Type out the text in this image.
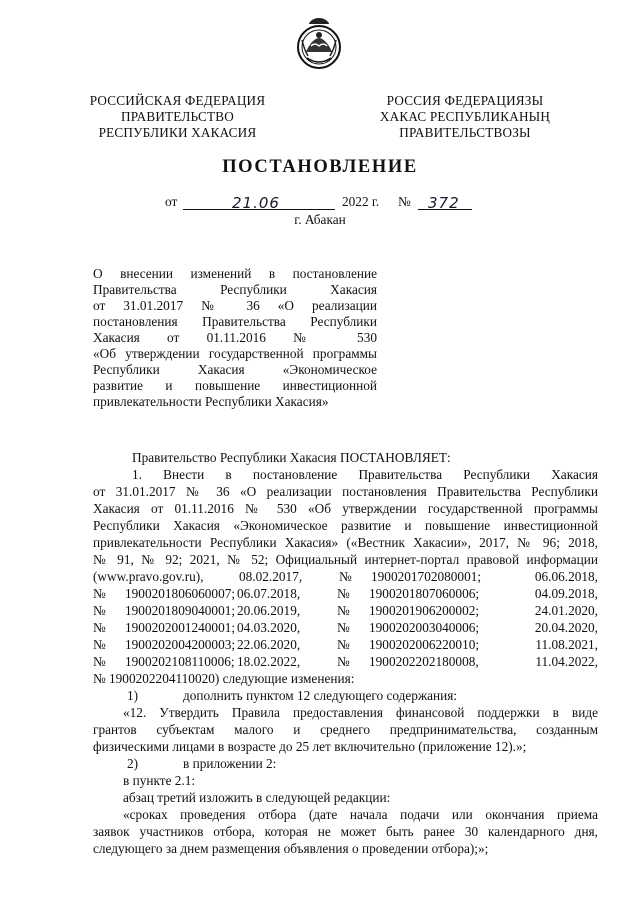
РОССИЙСКАЯ ФЕДЕРАЦИЯ
ПРАВИТЕЛЬСТВО
РЕСПУБЛИКИ ХАКАСИЯ
РОССИЯ ФЕДЕРАЦИЯЗЫ
ХАКАС РЕСПУБЛИКАНЫҢ
ПРАВИТЕЛЬСТВОЗЫ
ПОСТАНОВЛЕНИЕ
от	21.06	2022 г. № 372
г. Абакан
О внесении изменений в постановление
Правительства Республики Хакасия
от 31.01.2017 № 36 «О реализации
постановления Правительства Республики
Хакасия от 01.11.2016 № 530
«Об утверждении государственной программы
Республики Хакасия «Экономическое
развитие и повышение инвестиционной
привлекательности Республики Хакасия»
Правительство Республики Хакасия ПОСТАНОВЛЯЕТ:
1. Внести в постановление Правительства Республики Хакасия
от 31.01.2017 № 36 «О реализации постановления Правительства Республики
Хакасия от 01.11.2016 № 530 «Об утверждении государственной программы
Республики Хакасия «Экономическое развитие и повышение инвестиционной
привлекательности Республики Хакасия» («Вестник Хакасии», 2017, № 96; 2018,
№ 91, № 92; 2021, № 52; Официальный интернет-портал правовой информации
(www.pravo.gov.ru),	08.02.2017,	№	1900201702080001;	06.06.2018,
№	1900201806060007; 06.07.2018,	№	1900201807060006;	04.09.2018,
№	1900201809040001; 20.06.2019,	№	1900201906200002;	24.01.2020,
№	1900202001240001; 04.03.2020,	№	1900202003040006;	20.04.2020,
№	1900202004200003; 22.06.2020,	№	1900202006220010;	11.08.2021,
№	1900202108110006; 18.02.2022,	№	1900202202180008,	11.04.2022,
№ 1900202204110020) следующие изменения:
1)	дополнить пунктом 12 следующего содержания:
«12. Утвердить Правила предоставления финансовой поддержки в виде
грантов субъектам малого и среднего предпринимательства, созданным
физическими лицами в возрасте до 25 лет включительно (приложение 12).»;
2)	в приложении 2:
в пункте 2.1:
абзац третий изложить в следующей редакции:
«сроках проведения отбора (дате начала подачи или окончания приема
заявок участников отбора, которая не может быть ранее 30 календарного дня,
следующего за днем размещения объявления о проведении отбора);»;
